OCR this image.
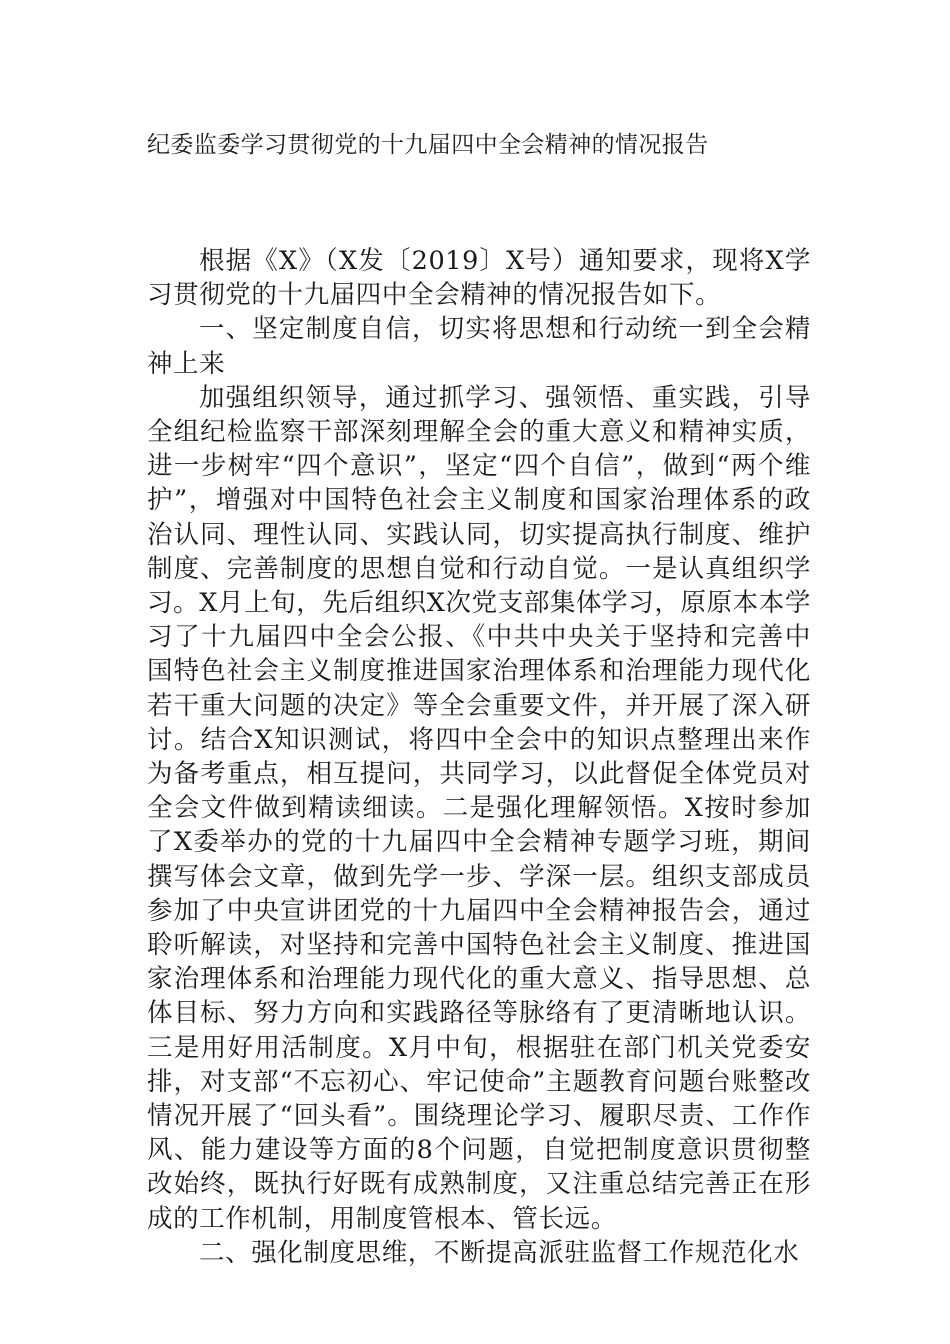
纪委监委学习贯彻党的十九届四中全会精神的情况报告

根据《X》（X发〔2019〕X号）通知要求，现将X学习贯彻党的十九届四中全会精神的情况报告如下。

一、坚定制度自信，切实将思想和行动统一到全会精神上来

加强组织领导，通过抓学习、强领悟、重实践，引导全组纪检监察干部深刻理解全会的重大意义和精神实质，进一步树牢“四个意识”，坚定“四个自信”，做到“两个维护”，增强对中国特色社会主义制度和国家治理体系的政治认同、理性认同、实践认同，切实提高执行制度、维护制度、完善制度的思想自觉和行动自觉。一是认真组织学习。X月上旬，先后组织X次党支部集体学习，原原本本学习了十九届四中全会公报、《中共中央关于坚持和完善中国特色社会主义制度推进国家治理体系和治理能力现代化若干重大问题的决定》等全会重要文件，并开展了深入研讨。结合X知识测试，将四中全会中的知识点整理出来作为备考重点，相互提问，共同学习，以此督促全体党员对全会文件做到精读细读。二是强化理解领悟。X按时参加了X委举办的党的十九届四中全会精神专题学习班，期间撰写体会文章，做到先学一步、学深一层。组织支部成员参加了中央宣讲团党的十九届四中全会精神报告会，通过聆听解读，对坚持和完善中国特色社会主义制度、推进国家治理体系和治理能力现代化的重大意义、指导思想、总体目标、努力方向和实践路径等脉络有了更清晰地认识。三是用好用活制度。X月中旬，根据驻在部门机关党委安排，对支部“不忘初心、牢记使命”主题教育问题台账整改情况开展了“回头看”。围绕理论学习、履职尽责、工作作风、能力建设等方面的8个问题，自觉把制度意识贯彻整改始终，既执行好既有成熟制度，又注重总结完善正在形成的工作机制，用制度管根本、管长远。

二、强化制度思维，不断提高派驻监督工作规范化水
